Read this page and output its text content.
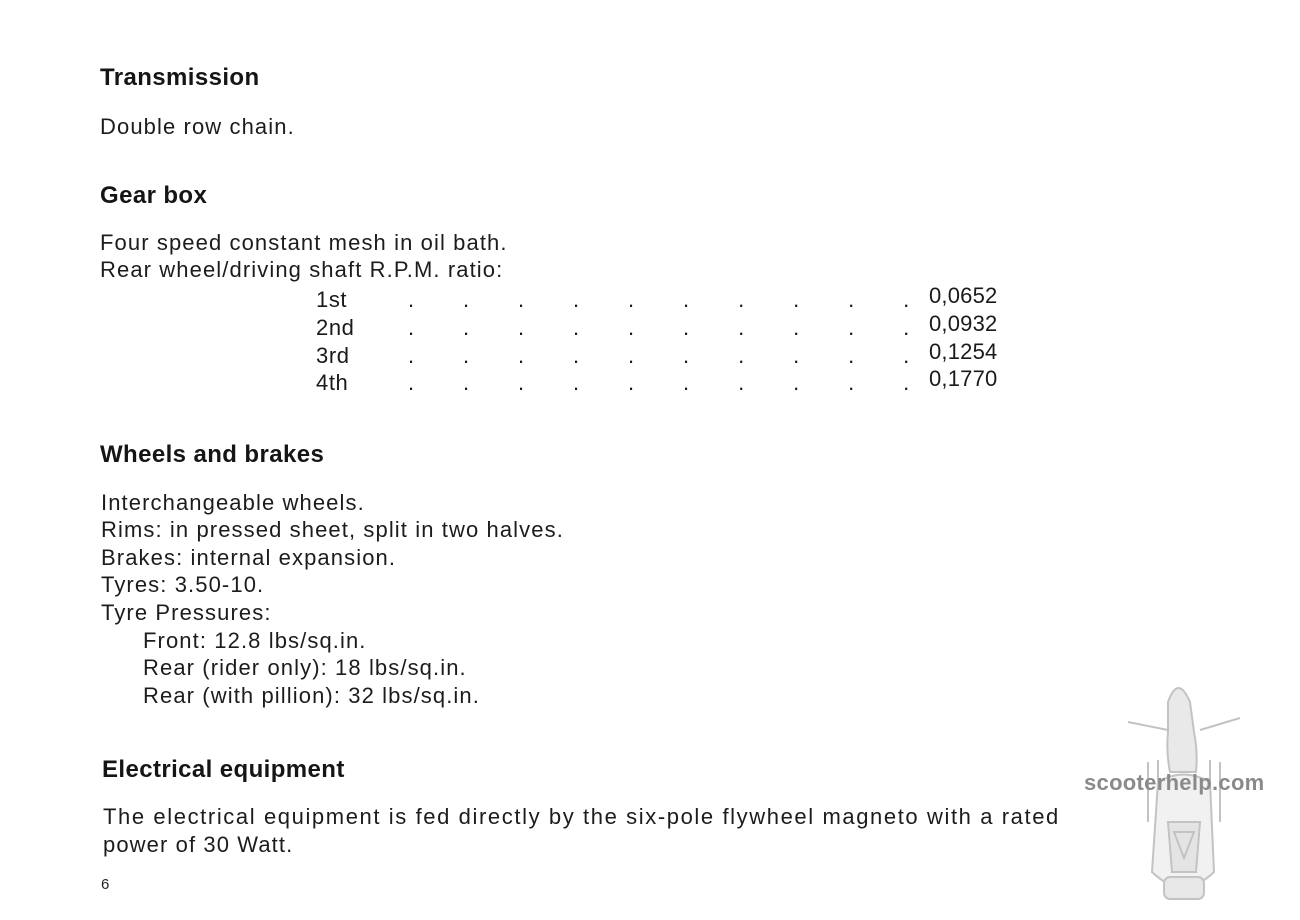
Transmission

Double row chain.

Gear box

Four speed constant mesh in oil bath.

Rear wheel/driving shaft R.P.M. ratio:

1st	.        .        .        .        .        .        .        .        .        . 0,0652
2nd .        .        .        .        .        .        .        .        .        . 0,0932
3rd	.        .        .        .        .        .        .        .        .        . 0,1254
4th	.        .        .        .        .        .        .        .        .        . 0,1770
Wheels and brakes

Interchangeable wheels.

Rims: in pressed sheet, split in two halves.

Brakes: internal expansion.

Tyres: 3.50-10.

Tyre Pressures:

Front: 12.8 lbs/sq.in.

Rear (rider only): 18 lbs/sq.in.

Rear (with pillion): 32 lbs/sq.in.

Electrical equipment

The electrical equipment is fed directly by the six-pole flywheel magneto with a rated

power of 30 Watt.

6
scooterhelp.com
